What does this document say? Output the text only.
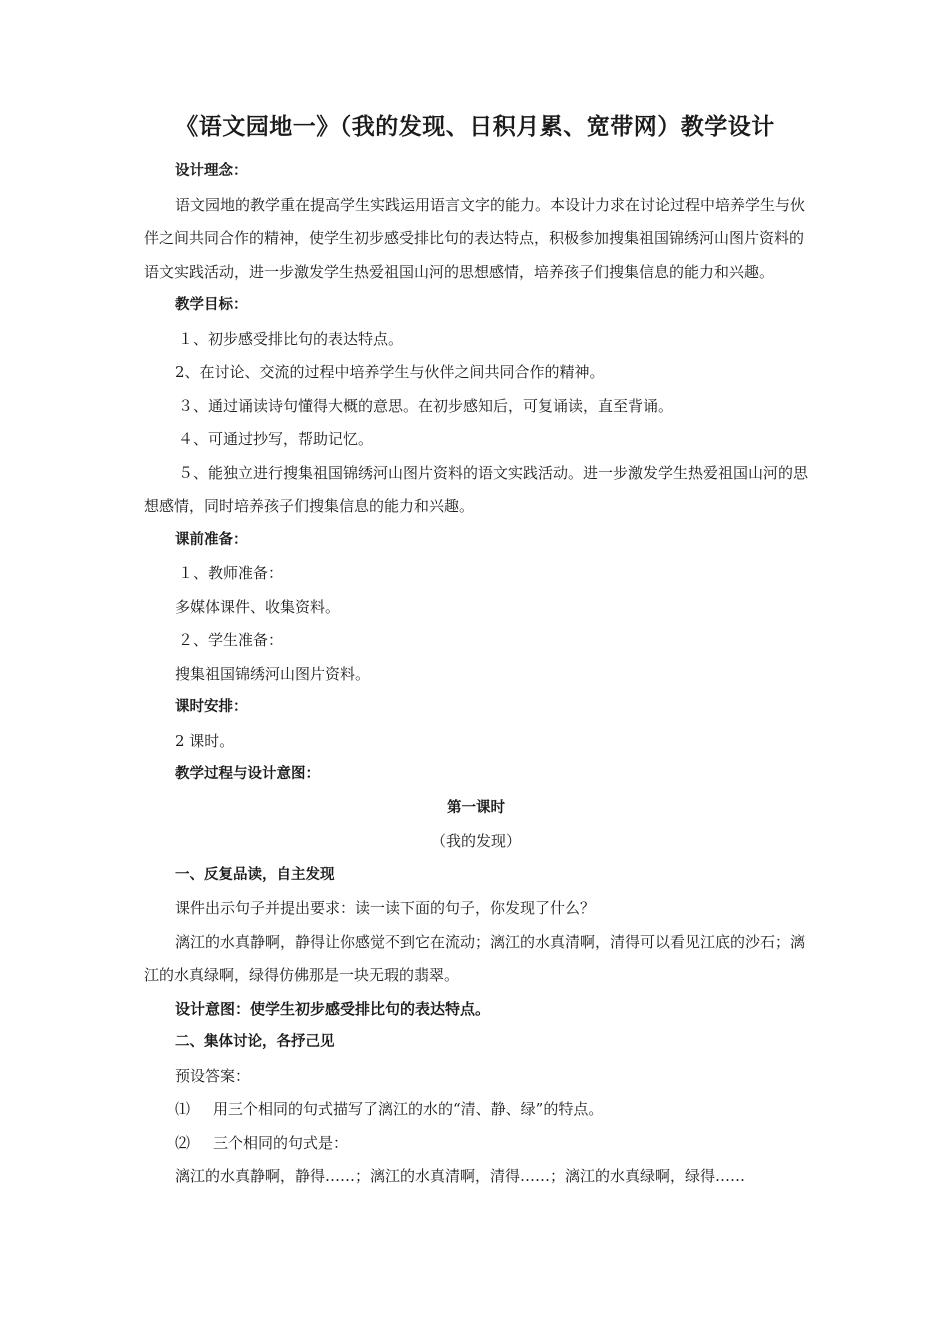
《语文园地一》（我的发现、日积月累、宽带网）教学设计

设计理念：

语文园地的教学重在提高学生实践运用语言文字的能力。本设计力求在讨论过程中培养学生与伙伴之间共同合作的精神，使学生初步感受排比句的表达特点，积极参加搜集祖国锦绣河山图片资料的语文实践活动，进一步激发学生热爱祖国山河的思想感情，培养孩子们搜集信息的能力和兴趣。

教学目标：

１、初步感受排比句的表达特点。

2、在讨论、交流的过程中培养学生与伙伴之间共同合作的精神。

３、通过诵读诗句懂得大概的意思。在初步感知后，可复诵读，直至背诵。

４、可通过抄写，帮助记忆。

５、能独立进行搜集祖国锦绣河山图片资料的语文实践活动。进一步激发学生热爱祖国山河的思想感情，同时培养孩子们搜集信息的能力和兴趣。

课前准备：

１、教师准备：

多媒体课件、收集资料。

２、学生准备：

搜集祖国锦绣河山图片资料。

课时安排：

2 课时。

教学过程与设计意图：

第一课时

（我的发现）

一、反复品读，自主发现

课件出示句子并提出要求：读一读下面的句子，你发现了什么？

漓江的水真静啊，静得让你感觉不到它在流动；漓江的水真清啊，清得可以看见江底的沙石；漓江的水真绿啊，绿得仿佛那是一块无瑕的翡翠。

设计意图：使学生初步感受排比句的表达特点。

二、集体讨论，各抒己见

预设答案：

⑴ 用三个相同的句式描写了漓江的水的“清、静、绿”的特点。

⑵ 三个相同的句式是：

漓江的水真静啊，静得……；漓江的水真清啊，清得……；漓江的水真绿啊，绿得……
